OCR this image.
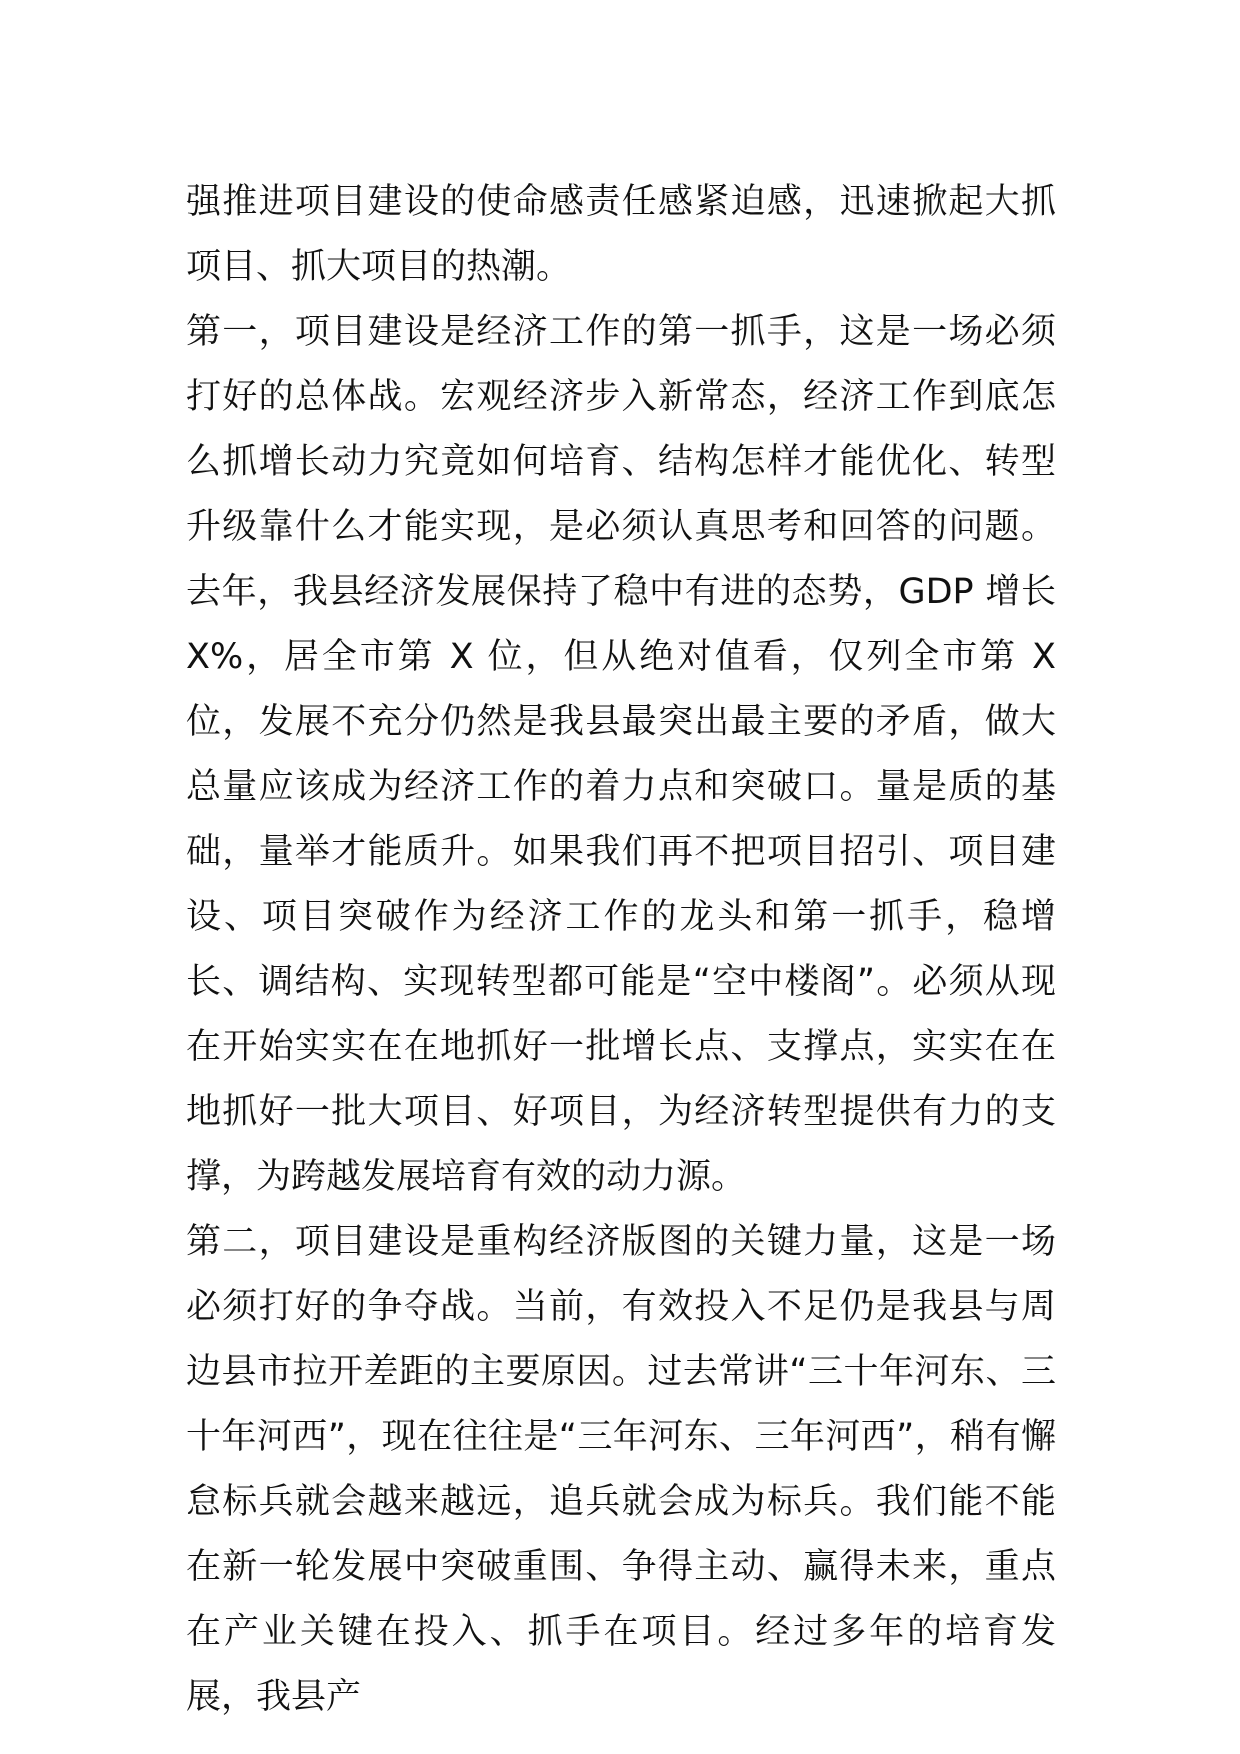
强推进项目建设的使命感责任感紧迫感，迅速掀起大抓项目、抓大项目的热潮。

第一，项目建设是经济工作的第一抓手，这是一场必须打好的总体战。宏观经济步入新常态，经济工作到底怎么抓增长动力究竟如何培育、结构怎样才能优化、转型升级靠什么才能实现，是必须认真思考和回答的问题。去年，我县经济发展保持了稳中有进的态势，GDP 增长 X%，居全市第 X 位，但从绝对值看，仅列全市第 X 位，发展不充分仍然是我县最突出最主要的矛盾，做大总量应该成为经济工作的着力点和突破口。量是质的基础，量举才能质升。如果我们再不把项目招引、项目建设、项目突破作为经济工作的龙头和第一抓手，稳增长、调结构、实现转型都可能是“空中楼阁”。必须从现在开始实实在在地抓好一批增长点、支撑点，实实在在地抓好一批大项目、好项目，为经济转型提供有力的支撑，为跨越发展培育有效的动力源。

第二，项目建设是重构经济版图的关键力量，这是一场必须打好的争夺战。当前，有效投入不足仍是我县与周边县市拉开差距的主要原因。过去常讲“三十年河东、三十年河西”，现在往往是“三年河东、三年河西”，稍有懈怠标兵就会越来越远，追兵就会成为标兵。我们能不能在新一轮发展中突破重围、争得主动、赢得未来，重点在产业关键在投入、抓手在项目。经过多年的培育发展，我县产
